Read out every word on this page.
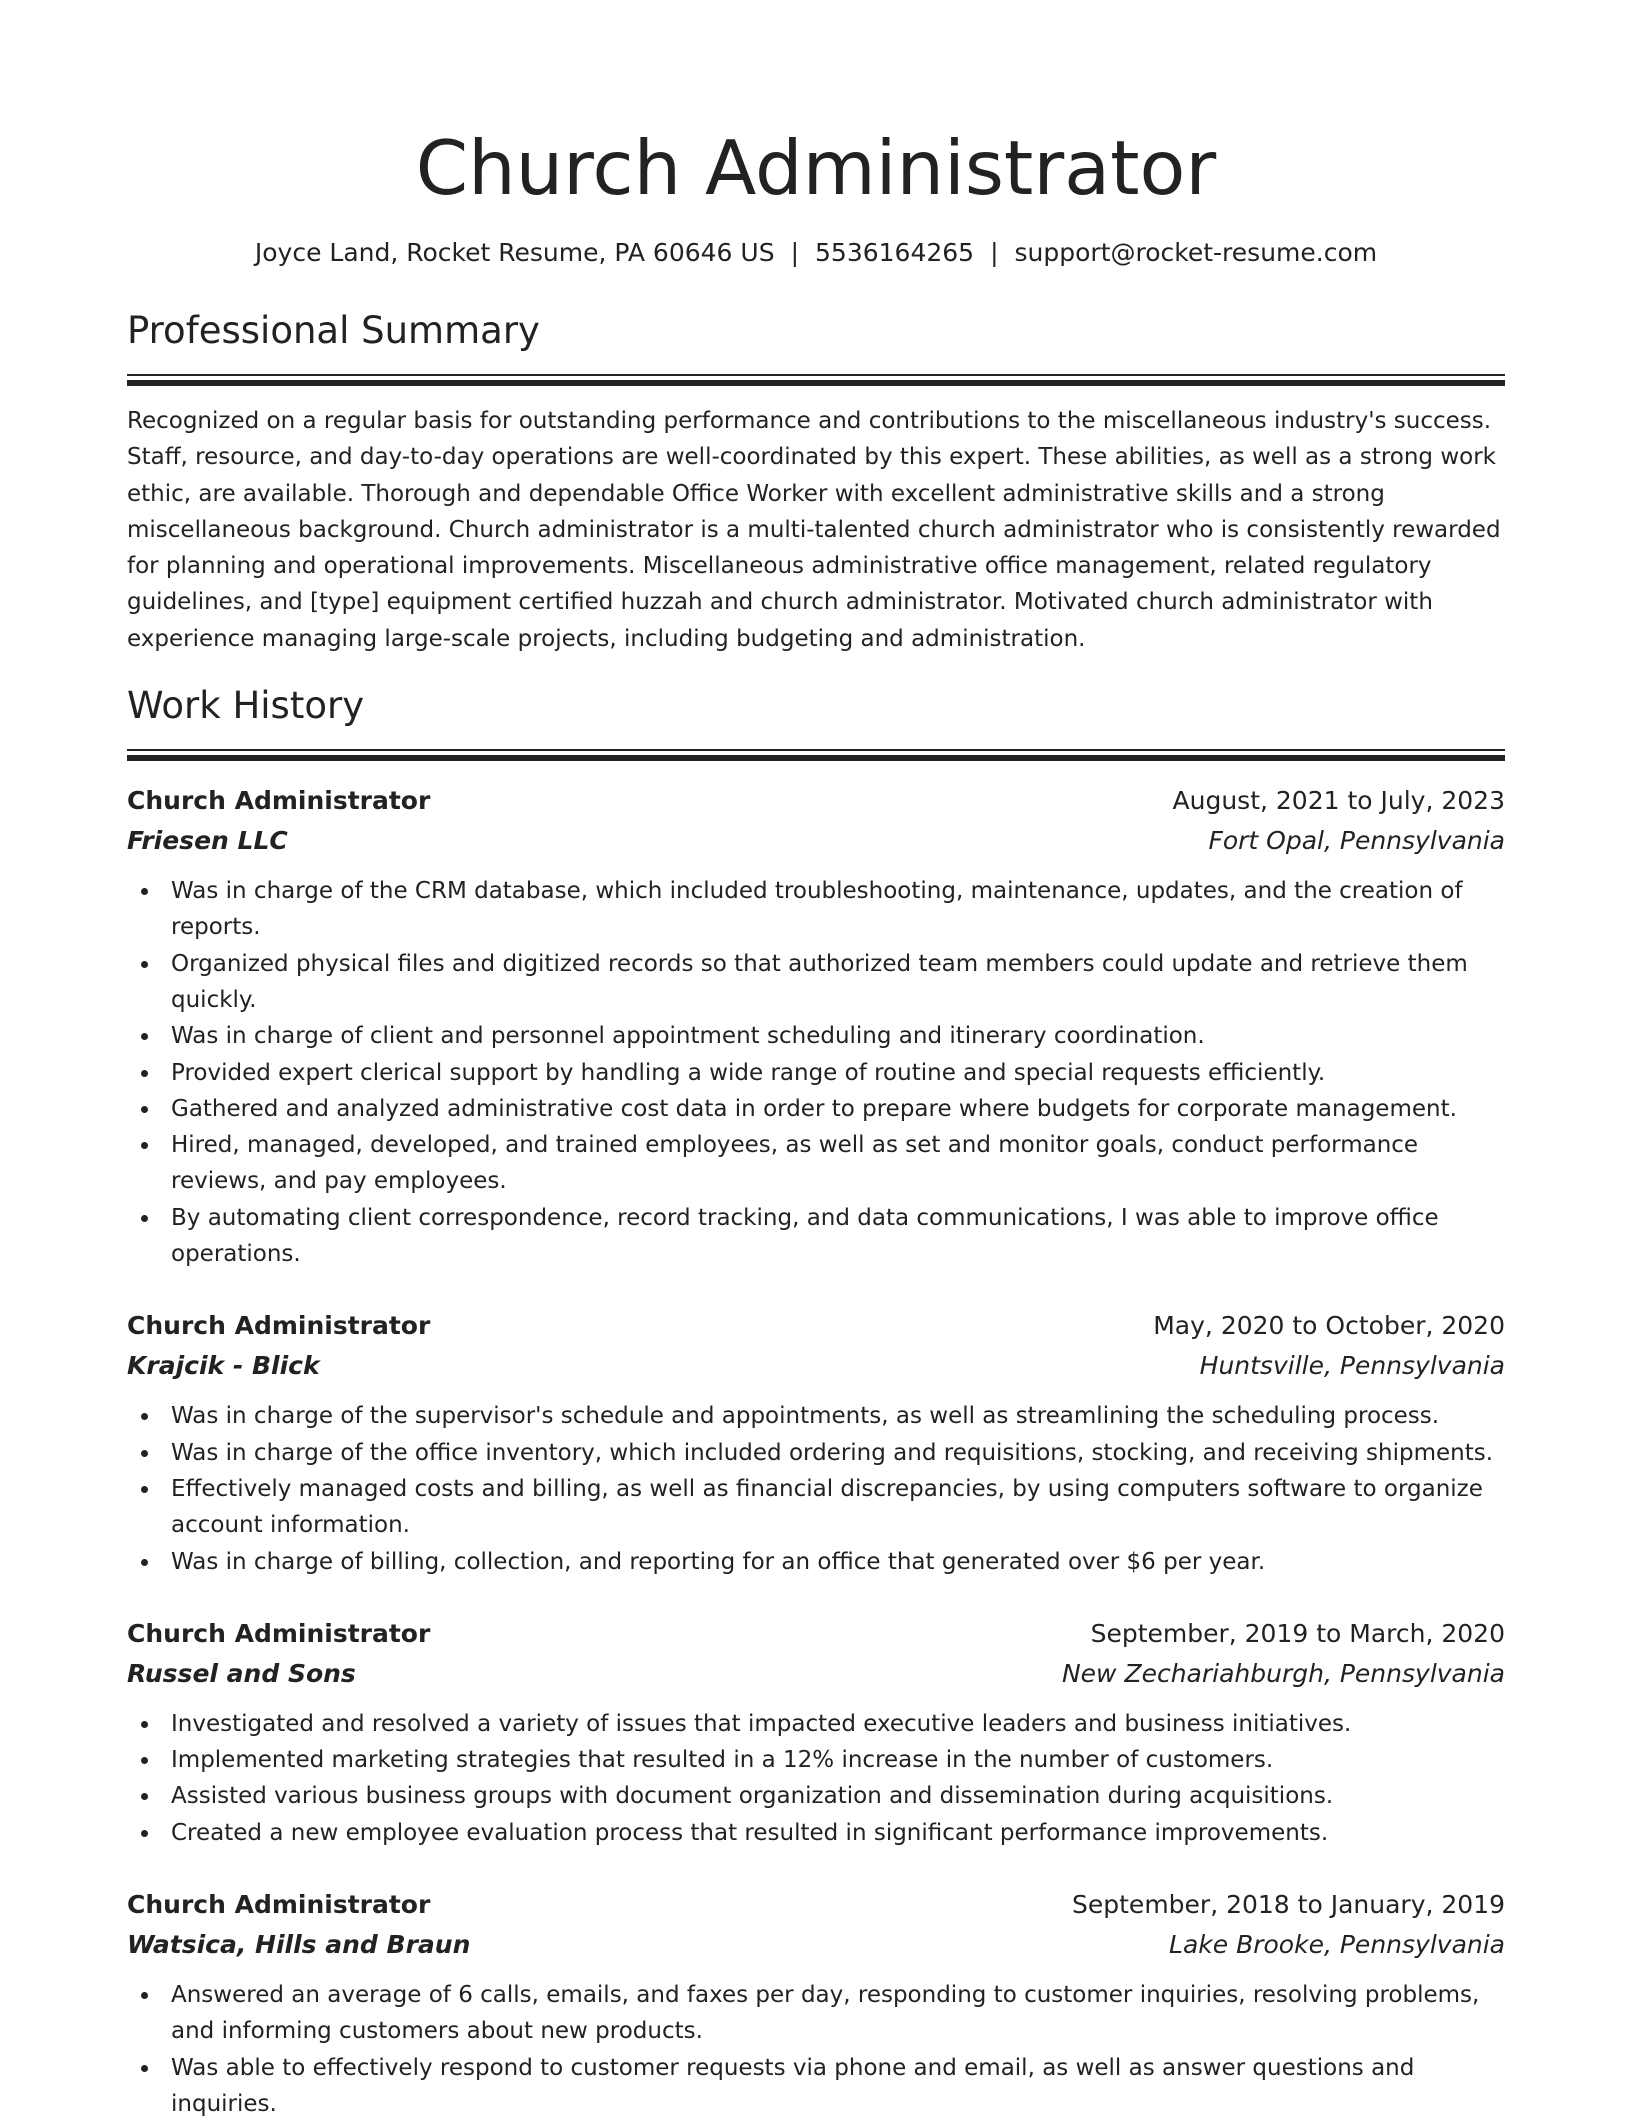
Church Administrator
Joyce Land, Rocket Resume, PA 60646 US | 5536164265 | support@rocket-resume.com
Professional Summary

Recognized on a regular basis for outstanding performance and contributions to the miscellaneous industry's success. Staff, resource, and day-to-day operations are well-coordinated by this expert. These abilities, as well as a strong work ethic, are available. Thorough and dependable Office Worker with excellent administrative skills and a strong miscellaneous background. Church administrator is a multi-talented church administrator who is consistently rewarded for planning and operational improvements. Miscellaneous administrative office management, related regulatory guidelines, and [type] equipment certified huzzah and church administrator. Motivated church administrator with experience managing large-scale projects, including budgeting and administration.

Work History
Church Administrator	August, 2021 to July, 2023
Friesen LLC	Fort Opal, Pennsylvania
Was in charge of the CRM database, which included troubleshooting, maintenance, updates, and the creation of reports.
Organized physical files and digitized records so that authorized team members could update and retrieve them quickly.
Was in charge of client and personnel appointment scheduling and itinerary coordination.
Provided expert clerical support by handling a wide range of routine and special requests efficiently.
Gathered and analyzed administrative cost data in order to prepare where budgets for corporate management.
Hired, managed, developed, and trained employees, as well as set and monitor goals, conduct performance reviews, and pay employees.
By automating client correspondence, record tracking, and data communications, I was able to improve office operations.
Church Administrator	May, 2020 to October, 2020
Krajcik - Blick	Huntsville, Pennsylvania
Was in charge of the supervisor's schedule and appointments, as well as streamlining the scheduling process.
Was in charge of the office inventory, which included ordering and requisitions, stocking, and receiving shipments.
Effectively managed costs and billing, as well as financial discrepancies, by using computers software to organize account information.
Was in charge of billing, collection, and reporting for an office that generated over $6 per year.
Church Administrator	September, 2019 to March, 2020
Russel and Sons	New Zechariahburgh, Pennsylvania
Investigated and resolved a variety of issues that impacted executive leaders and business initiatives.
Implemented marketing strategies that resulted in a 12% increase in the number of customers.
Assisted various business groups with document organization and dissemination during acquisitions.
Created a new employee evaluation process that resulted in significant performance improvements.
Church Administrator	September, 2018 to January, 2019
Watsica, Hills and Braun	Lake Brooke, Pennsylvania
Answered an average of 6 calls, emails, and faxes per day, responding to customer inquiries, resolving problems, and informing customers about new products.
Was able to effectively respond to customer requests via phone and email, as well as answer questions and inquiries.
